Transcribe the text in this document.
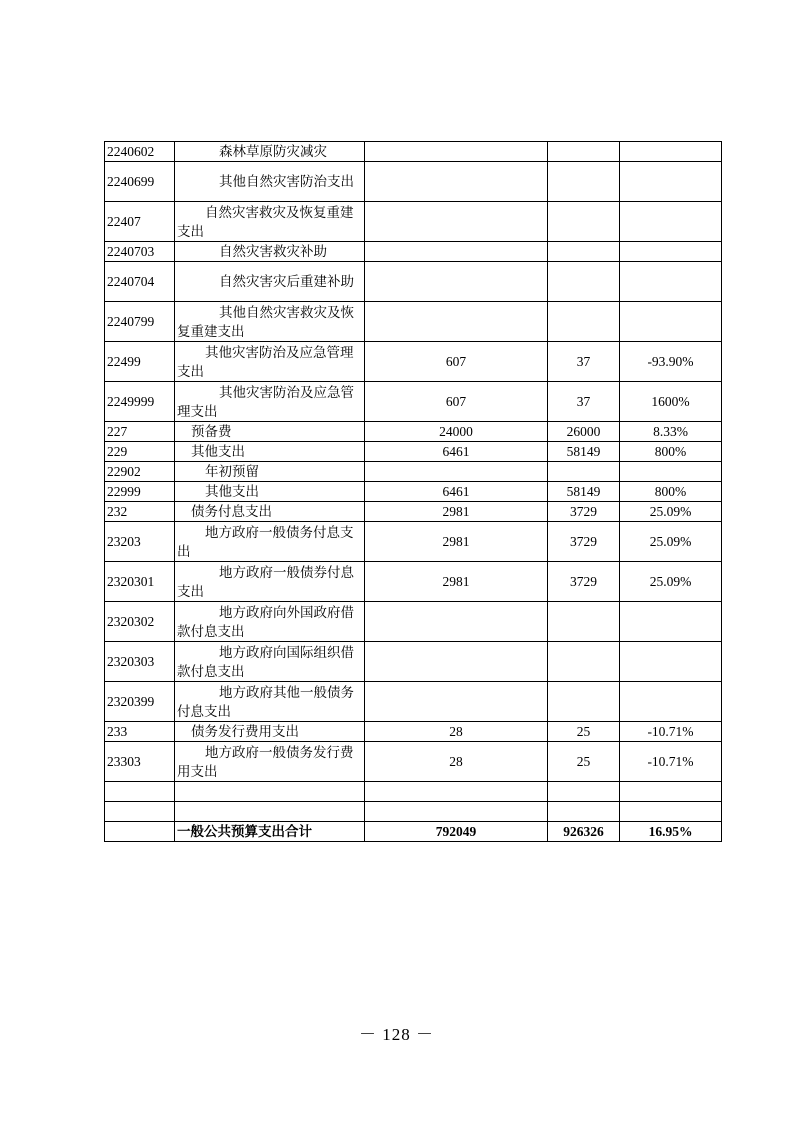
2240602	森林草原防灾减灾			
2240699	其他自然灾害防治支出			
22407	自然灾害救灾及恢复重建支出			
2240703	自然灾害救灾补助			
2240704	自然灾害灾后重建补助			
2240799	其他自然灾害救灾及恢复重建支出			
22499	其他灾害防治及应急管理支出	607	37	-93.90%
2249999	其他灾害防治及应急管理支出	607	37	1600%
227	预备费	24000	26000	8.33%
229	其他支出	6461	58149	800%
22902	年初预留			
22999	其他支出	6461	58149	800%
232	债务付息支出	2981	3729	25.09%
23203	地方政府一般债务付息支出	2981	3729	25.09%
2320301	地方政府一般债券付息支出	2981	3729	25.09%
2320302	地方政府向外国政府借款付息支出			
2320303	地方政府向国际组织借款付息支出			
2320399	地方政府其他一般债务付息支出			
233	债务发行费用支出	28	25	-10.71%
23303	地方政府一般债务发行费用支出	28	25	-10.71%

	一般公共预算支出合计	792049	926326	16.95%
－ 128 －
